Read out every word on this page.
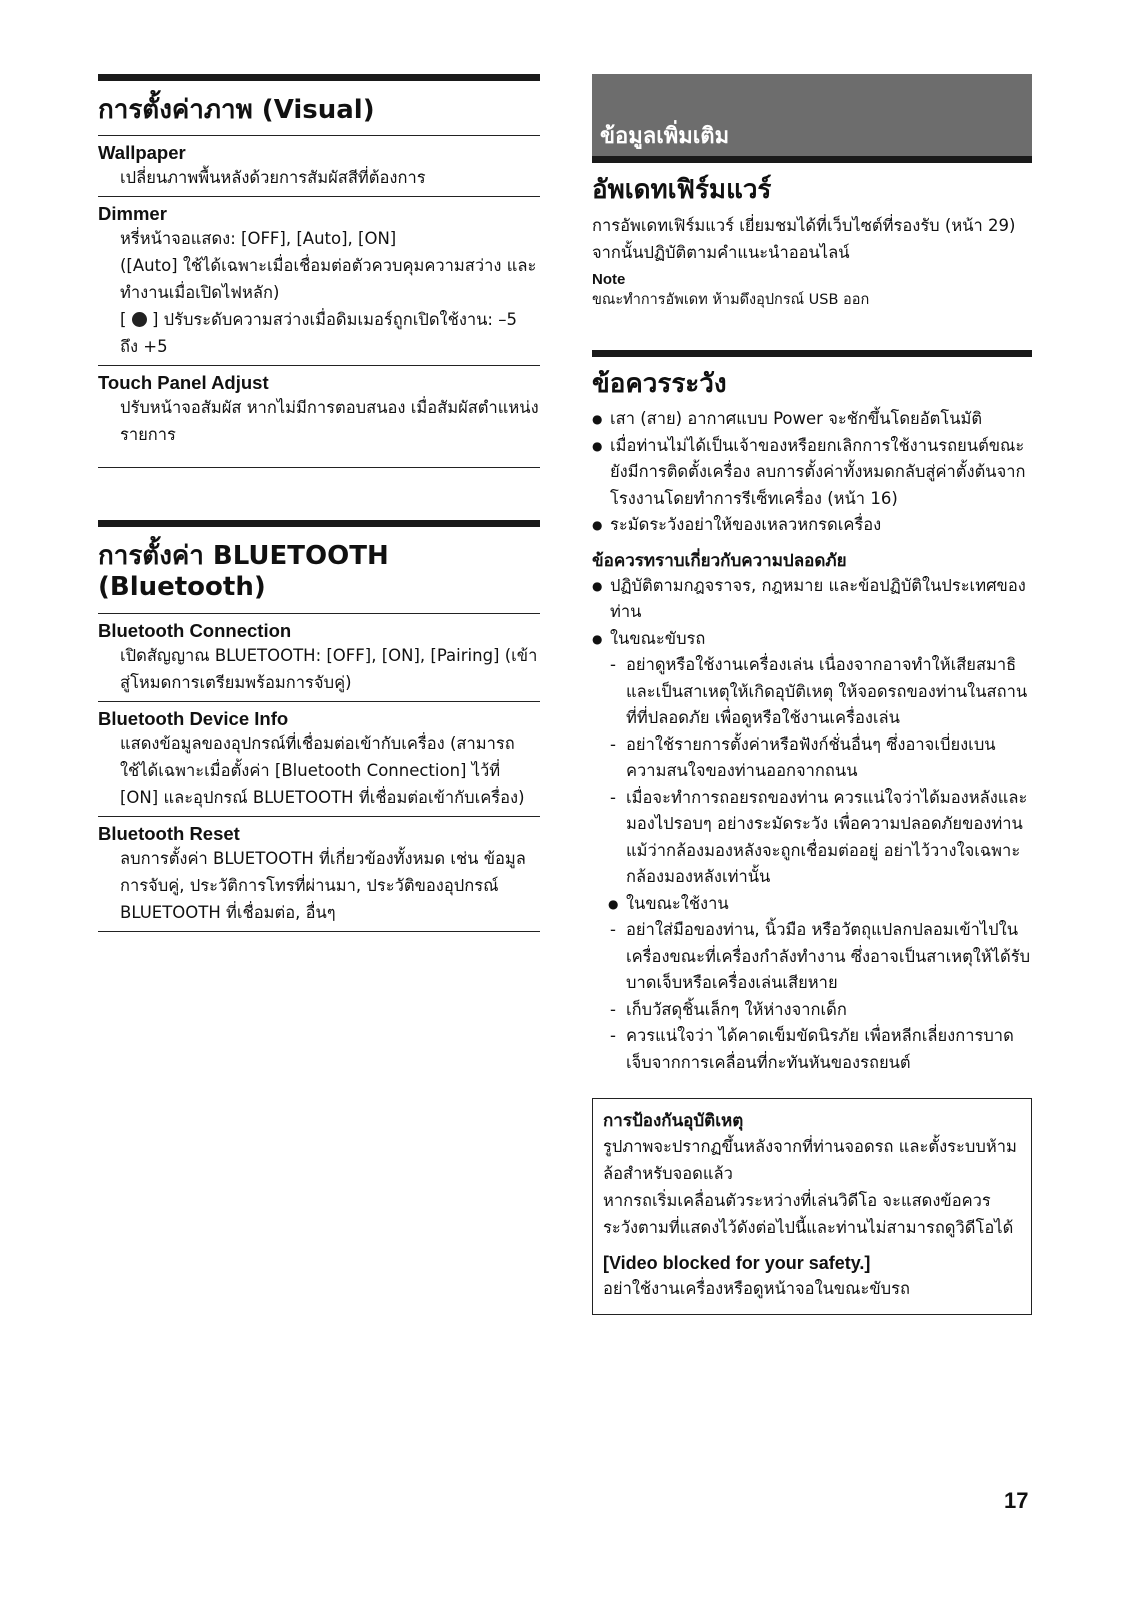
การตั้งค่าภาพ (Visual)
Wallpaper
เปลี่ยนภาพพื้นหลังด้วยการสัมผัสสีที่ต้องการ
Dimmer

หรี่หน้าจอแสดง: [OFF], [Auto], [ON]

([Auto] ใช้ได้เฉพาะเมื่อเชื่อมต่อตัวควบคุมความสว่าง และทำงานเมื่อเปิดไฟหลัก)

[ ] ปรับระดับความสว่างเมื่อดิมเมอร์ถูกเปิดใช้งาน: –5 ถึง +5

Touch Panel Adjust
ปรับหน้าจอสัมผัส หากไม่มีการตอบสนอง เมื่อสัมผัสตำแหน่งรายการ
การตั้งค่า BLUETOOTH (Bluetooth)
Bluetooth Connection
เปิดสัญญาณ BLUETOOTH: [OFF], [ON], [Pairing] (เข้าสู่โหมดการเตรียมพร้อมการจับคู่)
Bluetooth Device Info
แสดงข้อมูลของอุปกรณ์ที่เชื่อมต่อเข้ากับเครื่อง (สามารถใช้ได้เฉพาะเมื่อตั้งค่า [Bluetooth Connection] ไว้ที่ [ON] และอุปกรณ์ BLUETOOTH ที่เชื่อมต่อเข้ากับเครื่อง)
Bluetooth Reset
ลบการตั้งค่า BLUETOOTH ที่เกี่ยวข้องทั้งหมด เช่น ข้อมูลการจับคู่, ประวัติการโทรที่ผ่านมา, ประวัติของอุปกรณ์ BLUETOOTH ที่เชื่อมต่อ, อื่นๆ
ข้อมูลเพิ่มเติม
อัพเดทเฟิร์มแวร์
การอัพเดทเฟิร์มแวร์ เยี่ยมชมได้ที่เว็บไซต์ที่รองรับ (หน้า 29) จากนั้นปฏิบัติตามคำแนะนำออนไลน์
Note
ขณะทำการอัพเดท ห้ามดึงอุปกรณ์ USB ออก
ข้อควรระวัง
● เสา (สาย) อากาศแบบ Power จะชักขึ้นโดยอัตโนมัติ
● เมื่อท่านไม่ได้เป็นเจ้าของหรือยกเลิกการใช้งานรถยนต์ขณะยังมีการติดตั้งเครื่อง ลบการตั้งค่าทั้งหมดกลับสู่ค่าตั้งต้นจากโรงงานโดยทำการรีเซ็ทเครื่อง (หน้า 16)
● ระมัดระวังอย่าให้ของเหลวหกรดเครื่อง
ข้อควรทราบเกี่ยวกับความปลอดภัย
● ปฏิบัติตามกฎจราจร, กฎหมาย และข้อปฏิบัติในประเทศของท่าน
● ในขณะขับรถ
- อย่าดูหรือใช้งานเครื่องเล่น เนื่องจากอาจทำให้เสียสมาธิ และเป็นสาเหตุให้เกิดอุบัติเหตุ ให้จอดรถของท่านในสถานที่ที่ปลอดภัย เพื่อดูหรือใช้งานเครื่องเล่น
- อย่าใช้รายการตั้งค่าหรือฟังก์ชั่นอื่นๆ ซึ่งอาจเบี่ยงเบนความสนใจของท่านออกจากถนน
- เมื่อจะทำการถอยรถของท่าน ควรแน่ใจว่าได้มองหลังและมองไปรอบๆ อย่างระมัดระวัง เพื่อความปลอดภัยของท่าน แม้ว่ากล้องมองหลังจะถูกเชื่อมต่ออยู่ อย่าไว้วางใจเฉพาะกล้องมองหลังเท่านั้น
● ในขณะใช้งาน
- อย่าใส่มือของท่าน, นิ้วมือ หรือวัตถุแปลกปลอมเข้าไปในเครื่องขณะที่เครื่องกำลังทำงาน ซึ่งอาจเป็นสาเหตุให้ได้รับบาดเจ็บหรือเครื่องเล่นเสียหาย
- เก็บวัสดุชิ้นเล็กๆ ให้ห่างจากเด็ก
- ควรแน่ใจว่า ได้คาดเข็มขัดนิรภัย เพื่อหลีกเลี่ยงการบาดเจ็บจากการเคลื่อนที่กะทันหันของรถยนต์
การป้องกันอุบัติเหตุ
รูปภาพจะปรากฏขึ้นหลังจากที่ท่านจอดรถ และตั้งระบบห้ามล้อสำหรับจอดแล้ว
หากรถเริ่มเคลื่อนตัวระหว่างที่เล่นวิดีโอ จะแสดงข้อควรระวังตามที่แสดงไว้ดังต่อไปนี้และท่านไม่สามารถดูวิดีโอได้
[Video blocked for your safety.]
อย่าใช้งานเครื่องหรือดูหน้าจอในขณะขับรถ
17
